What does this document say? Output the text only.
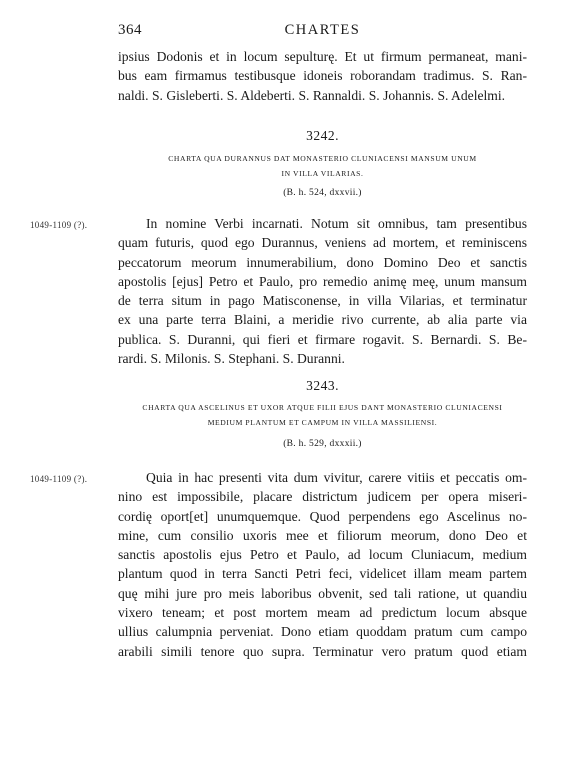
364	CHARTES
ipsius Dodonis et in locum sepulturę. Et ut firmum permaneat, mani-
bus eam firmamus testibusque idoneis roborandam tradimus. S. Ran-
naldi. S. Gisleberti. S. Aldeberti. S. Rannaldi. S. Johannis. S. Adelelmi.
3242.
CHARTA QUA DURANNUS DAT MONASTERIO CLUNIACENSI MANSUM UNUM
IN VILLA VILARIAS.
(B. h. 524, dxxvii.)
1049-1109 (?).	In nomine Verbi incarnati. Notum sit omnibus, tam presentibus
quam futuris, quod ego Durannus, veniens ad mortem, et reminiscens
peccatorum meorum innumerabilium, dono Domino Deo et sanctis
apostolis [ejus] Petro et Paulo, pro remedio animę meę, unum mansum
de terra situm in pago Matisconense, in villa Vilarias, et terminatur
ex una parte terra Blaini, a meridie rivo currente, ab alia parte via
publica. S. Duranni, qui fieri et firmare rogavit. S. Bernardi. S. Be-
rardi. S. Milonis. S. Stephani. S. Duranni.
3243.
CHARTA QUA ASCELINUS ET UXOR ATQUE FILII EJUS DANT MONASTERIO CLUNIACENSI
MEDIUM PLANTUM ET CAMPUM IN VILLA MASSILIENSI.
(B. h. 529, dxxxii.)
1049-1109 (?).	Quia in hac presenti vita dum vivitur, carere vitiis et peccatis om-
nino est impossibile, placare districtum judicem per opera miseri-
cordię oport[et] unumquemque. Quod perpendens ego Ascelinus no-
mine, cum consilio uxoris mee et filiorum meorum, dono Deo et
sanctis apostolis ejus Petro et Paulo, ad locum Cluniacum, medium
plantum quod in terra Sancti Petri feci, videlicet illam meam partem
quę mihi jure pro meis laboribus obvenit, sed tali ratione, ut quandiu
vixero teneam; et post mortem meam ad predictum locum absque
ullius calumpnia perveniat. Dono etiam quoddam pratum cum campo
arabili simili tenore quo supra. Terminatur vero pratum quod etiam
